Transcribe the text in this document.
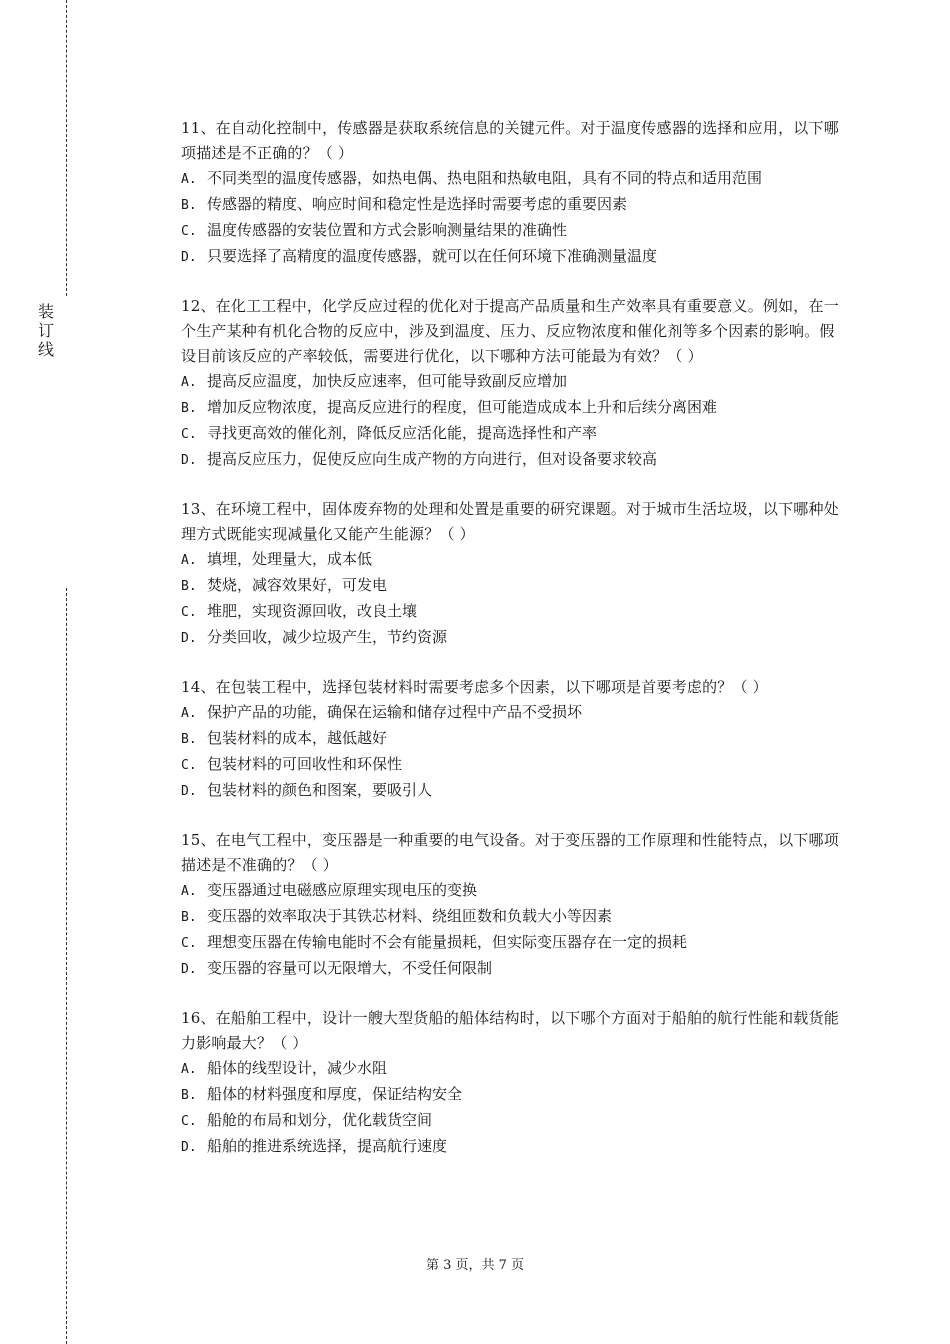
装
订
线
11、在自动化控制中，传感器是获取系统信息的关键元件。对于温度传感器的选择和应用，以下哪项描述是不正确的？（ ）
A. 不同类型的温度传感器，如热电偶、热电阻和热敏电阻，具有不同的特点和适用范围
B. 传感器的精度、响应时间和稳定性是选择时需要考虑的重要因素
C. 温度传感器的安装位置和方式会影响测量结果的准确性
D. 只要选择了高精度的温度传感器，就可以在任何环境下准确测量温度
12、在化工工程中，化学反应过程的优化对于提高产品质量和生产效率具有重要意义。例如，在一个生产某种有机化合物的反应中，涉及到温度、压力、反应物浓度和催化剂等多个因素的影响。假设目前该反应的产率较低，需要进行优化，以下哪种方法可能最为有效？（ ）
A. 提高反应温度，加快反应速率，但可能导致副反应增加
B. 增加反应物浓度，提高反应进行的程度，但可能造成成本上升和后续分离困难
C. 寻找更高效的催化剂，降低反应活化能，提高选择性和产率
D. 提高反应压力，促使反应向生成产物的方向进行，但对设备要求较高
13、在环境工程中，固体废弃物的处理和处置是重要的研究课题。对于城市生活垃圾，以下哪种处理方式既能实现减量化又能产生能源？（ ）
A. 填埋，处理量大，成本低
B. 焚烧，减容效果好，可发电
C. 堆肥，实现资源回收，改良土壤
D. 分类回收，减少垃圾产生，节约资源
14、在包装工程中，选择包装材料时需要考虑多个因素，以下哪项是首要考虑的？（ ）
A. 保护产品的功能，确保在运输和储存过程中产品不受损坏
B. 包装材料的成本，越低越好
C. 包装材料的可回收性和环保性
D. 包装材料的颜色和图案，要吸引人
15、在电气工程中，变压器是一种重要的电气设备。对于变压器的工作原理和性能特点，以下哪项描述是不准确的？（ ）
A. 变压器通过电磁感应原理实现电压的变换
B. 变压器的效率取决于其铁芯材料、绕组匝数和负载大小等因素
C. 理想变压器在传输电能时不会有能量损耗，但实际变压器存在一定的损耗
D. 变压器的容量可以无限增大，不受任何限制
16、在船舶工程中，设计一艘大型货船的船体结构时，以下哪个方面对于船舶的航行性能和载货能力影响最大？（ ）
A. 船体的线型设计，减少水阻
B. 船体的材料强度和厚度，保证结构安全
C. 船舱的布局和划分，优化载货空间
D. 船舶的推进系统选择，提高航行速度
第 3 页，共 7 页
